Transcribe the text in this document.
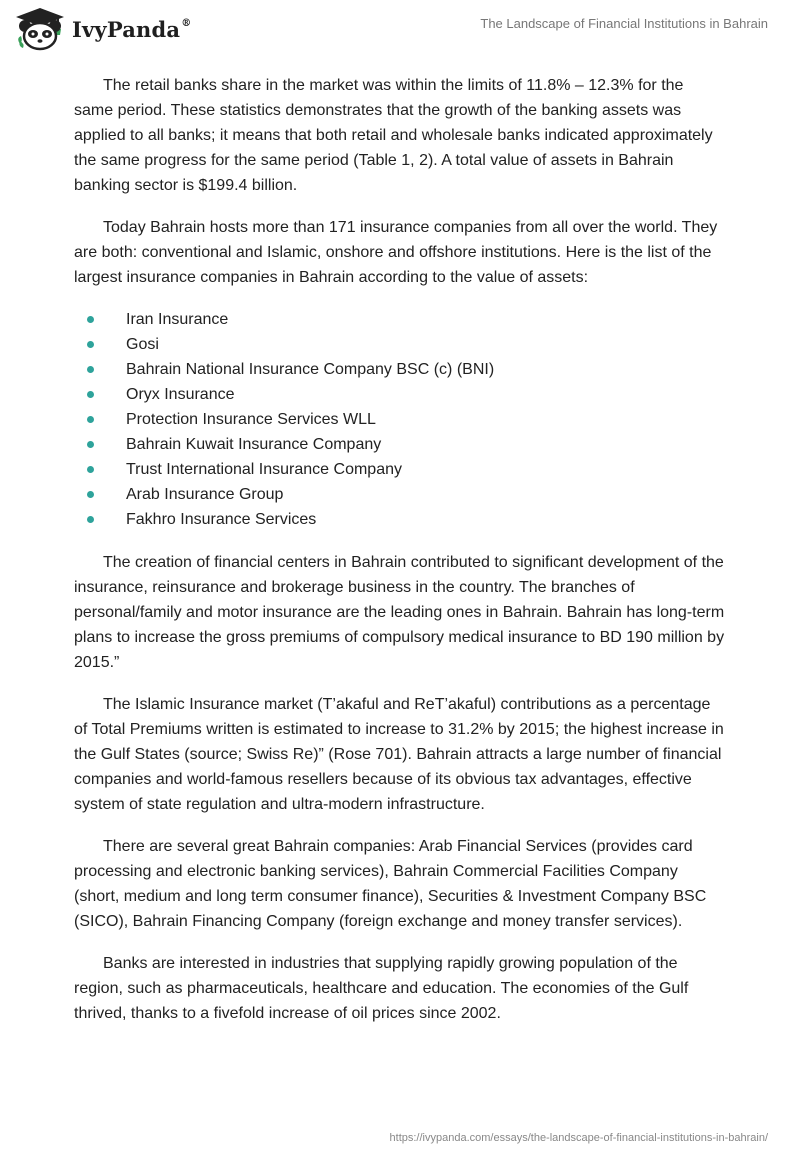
IvyPanda®	The Landscape of Financial Institutions in Bahrain

The retail banks share in the market was within the limits of 11.8% – 12.3% for the same period. These statistics demonstrates that the growth of the banking assets was applied to all banks; it means that both retail and wholesale banks indicated approximately the same progress for the same period (Table 1, 2). A total value of assets in Bahrain banking sector is $199.4 billion.

Today Bahrain hosts more than 171 insurance companies from all over the world. They are both: conventional and Islamic, onshore and offshore institutions. Here is the list of the largest insurance companies in Bahrain according to the value of assets:

Iran Insurance
Gosi
Bahrain National Insurance Company BSC (c) (BNI)
Oryx Insurance
Protection Insurance Services WLL
Bahrain Kuwait Insurance Company
Trust International Insurance Company
Arab Insurance Group
Fakhro Insurance Services

The creation of financial centers in Bahrain contributed to significant development of the insurance, reinsurance and brokerage business in the country. The branches of personal/family and motor insurance are the leading ones in Bahrain. Bahrain has long-term plans to increase the gross premiums of compulsory medical insurance to BD 190 million by 2015.”

The Islamic Insurance market (T’akaful and ReT’akaful) contributions as a percentage of Total Premiums written is estimated to increase to 31.2% by 2015; the highest increase in the Gulf States (source; Swiss Re)” (Rose 701). Bahrain attracts a large number of financial companies and world-famous resellers because of its obvious tax advantages, effective system of state regulation and ultra-modern infrastructure.

There are several great Bahrain companies: Arab Financial Services (provides card processing and electronic banking services), Bahrain Commercial Facilities Company (short, medium and long term consumer finance), Securities & Investment Company BSC (SICO), Bahrain Financing Company (foreign exchange and money transfer services).

Banks are interested in industries that supplying rapidly growing population of the region, such as pharmaceuticals, healthcare and education. The economies of the Gulf thrived, thanks to a fivefold increase of oil prices since 2002.

https://ivypanda.com/essays/the-landscape-of-financial-institutions-in-bahrain/
